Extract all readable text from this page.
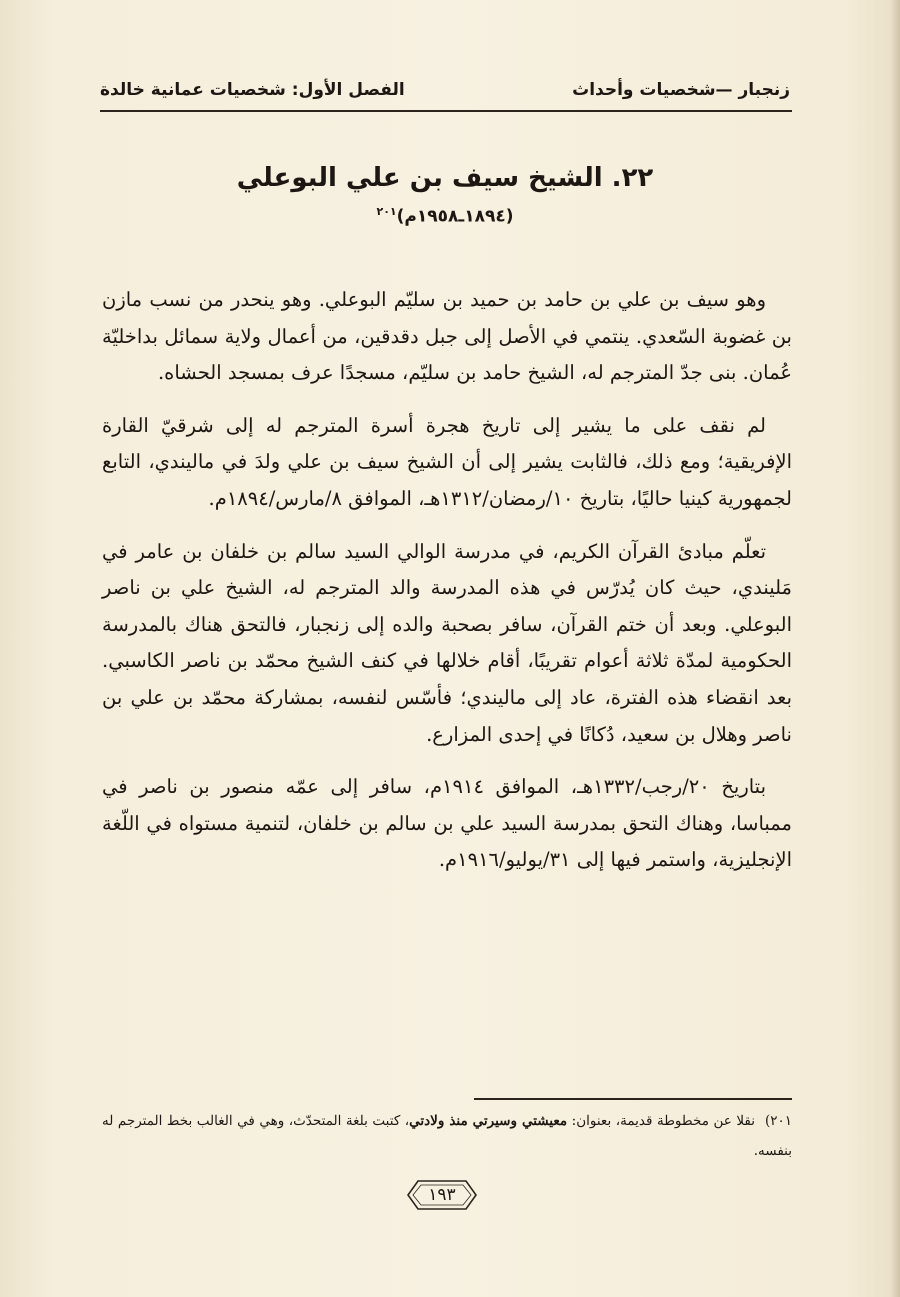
زنجبار —شخصيات وأحداث
الفصل الأول: شخصيات عمانية خالدة
٢٢. الشيخ سيف بن علي البوعلي
(١٨٩٤ـ١٩٥٨م)$^{٢٠١}$

وهو سيف بن علي بن حامد بن حميد بن سليّم البوعلي. وهو ينحدر من نسب مازن بن غضوبة السّعدي. ينتمي في الأصل إلى جبل دقدقين، من أعمال ولاية سمائل بداخليّة عُمان. بنى جدّ المترجم له، الشيخ حامد بن سليّم، مسجدًا عرف بمسجد الحشاه.

لم نقف على ما يشير إلى تاريخ هجرة أسرة المترجم له إلى شرقيّ القارة الإفريقية؛ ومع ذلك، فالثابت يشير إلى أن الشيخ سيف بن علي ولدَ في ماليندي، التابع لجمهورية كينيا حاليًا، بتاريخ ١٠/رمضان/١٣١٢هـ، الموافق ٨/مارس/١٨٩٤م.

تعلّم مبادئ القرآن الكريم، في مدرسة الوالي السيد سالم بن خلفان بن عامر في مَليندي، حيث كان يُدرّس في هذه المدرسة والد المترجم له، الشيخ علي بن ناصر البوعلي. وبعد أن ختم القرآن، سافر بصحبة والده إلى زنجبار، فالتحق هناك بالمدرسة الحكومية لمدّة ثلاثة أعوام تقريبًا، أقام خلالها في كنف الشيخ محمّد بن ناصر الكاسبي. بعد انقضاء هذه الفترة، عاد إلى ماليندي؛ فأسّس لنفسه، بمشاركة محمّد بن علي بن ناصر وهلال بن سعيد، دُكانًا في إحدى المزارع.

بتاريخ ٢٠/رجب/١٣٣٢هـ، الموافق ١٩١٤م، سافر إلى عمّه منصور بن ناصر في ممباسا، وهناك التحق بمدرسة السيد علي بن سالم بن خلفان، لتنمية مستواه في اللّغة الإنجليزية، واستمر فيها إلى ٣١/يوليو/١٩١٦م.

٢٠١)نقلا عن مخطوطة قديمة، بعنوان: معيشتي وسيرتي منذ ولادتي، كتبت بلغة المتحدّث، وهي في الغالب بخط المترجم له بنفسه.
١٩٣
